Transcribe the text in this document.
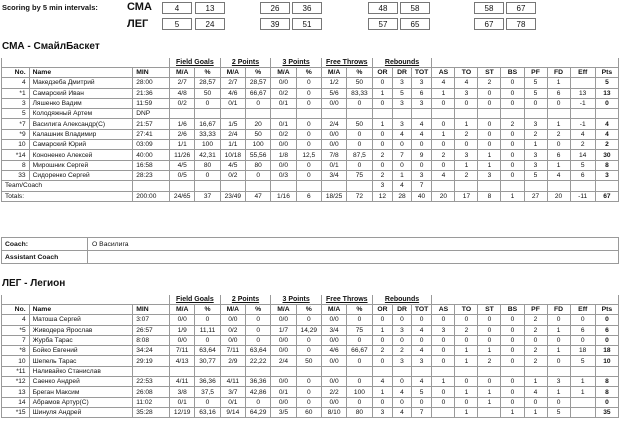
Scoring by 5 min intervals:	СМА
ЛЕГ
4	13	26	36	48	58	58	67
5	24	39	51	57	65	67	78
СМА - СмайлБаскет
			Field Goals		2 Points		3 Points		Free Throws		Rebounds										
No.	Name	MIN	M/A	%	M/A	%	M/A	%	M/A	%	OR	DR	TOT	AS	TO	ST	BS	PF	FD	Eff	Pts
4	Македзеба Дмитрий	28:00	2/7	28,57	2/7	28,57	0/0	0	1/2	50	0	3	3	4	4	2	0	5	1		5
*1	Самарский Иван	21:36	4/8	50	4/6	66,67	0/2	0	5/6	83,33	1	5	6	1	3	0	0	5	6	13	13
3	Ляшенко Вадим	11:59	0/2	0	0/1	0	0/1	0	0/0	0	0	3	3	0	0	0	0	0	0	-1	0
5	Колодяжный Артем	DNP																			
*7	Василига Александр(С)	21:57	1/6	16,67	1/5	20	0/1	0	2/4	50	1	3	4	0	1	0	2	3	1	-1	4
*9	Калашник Владимир	27:41	2/6	33,33	2/4	50	0/2	0	0/0	0	0	4	4	1	2	0	0	2	2	4	4
10	Самарский Юрий	03:09	1/1	100	1/1	100	0/0	0	0/0	0	0	0	0	0	0	0	0	1	0	2	2
*14	Кононенко Алексей	40:00	11/26	42,31	10/18	55,56	1/8	12,5	7/8	87,5	2	7	9	2	3	1	0	3	6	14	30
8	Мирошник Сергей	16:58	4/5	80	4/5	80	0/0	0	0/1	0	0	0	0	0	1	1	0	3	1	5	8
33	Сидоренко Сергей	28:23	0/5	0	0/2	0	0/3	0	3/4	75	2	1	3	4	2	3	0	5	4	6	3
Team/Coach											3	4	7								
Totals:		200:00	24/65	37	23/49	47	1/16	6	18/25	72	12	28	40	20	17	8	1	27	20	-11	67
Coach:	О Василига
Assistant Coach	
ЛЕГ - Легион
			Field Goals		2 Points		3 Points		Free Throws		Rebounds										
No.	Name	MIN	M/A	%	M/A	%	M/A	%	M/A	%	OR	DR	TOT	AS	TO	ST	BS	PF	FD	Eff	Pts
4	Матоша Сергей	3:07	0/0	0	0/0	0	0/0	0	0/0	0	0	0	0	0	0	0	0	2	0	0	0
*5	Живодера Ярослав	26:57	1/9	11,11	0/2	0	1/7	14,29	3/4	75	1	3	4	3	2	0	0	2	1	6	6
7	Журба Тарас	8:08	0/0	0	0/0	0	0/0	0	0/0	0	0	0	0	0	0	0	0	0	0	0	0
*8	Бойко Евгений	34:24	7/11	63,64	7/11	63,64	0/0	0	4/6	66,67	2	2	4	0	1	1	0	2	1	18	18
10	Шепель Тарас	29:19	4/13	30,77	2/9	22,22	2/4	50	0/0	0	0	3	3	0	1	2	0	2	0	5	10
*11	Наливайко Станислав																				
*12	Саенко Андрей	22:53	4/11	36,36	4/11	36,36	0/0	0	0/0	0	4	0	4	1	0	0	0	1	3	1	8
13	Бреган Максим	26:08	3/8	37,5	3/7	42,86	0/1	0	2/2	100	1	4	5	0	1	1	0	4	1	1	8
14	Абрамов Артур(С)	11:02	0/1	0	0/1	0	0/0	0	0/0	0	0	0	0	0	0	1	0	0	0		0
*15	Шинуля Андрей	35:28	12/19	63,16	9/14	64,29	3/5	60	8/10	80	3	4	7		1		1	1	5		35
